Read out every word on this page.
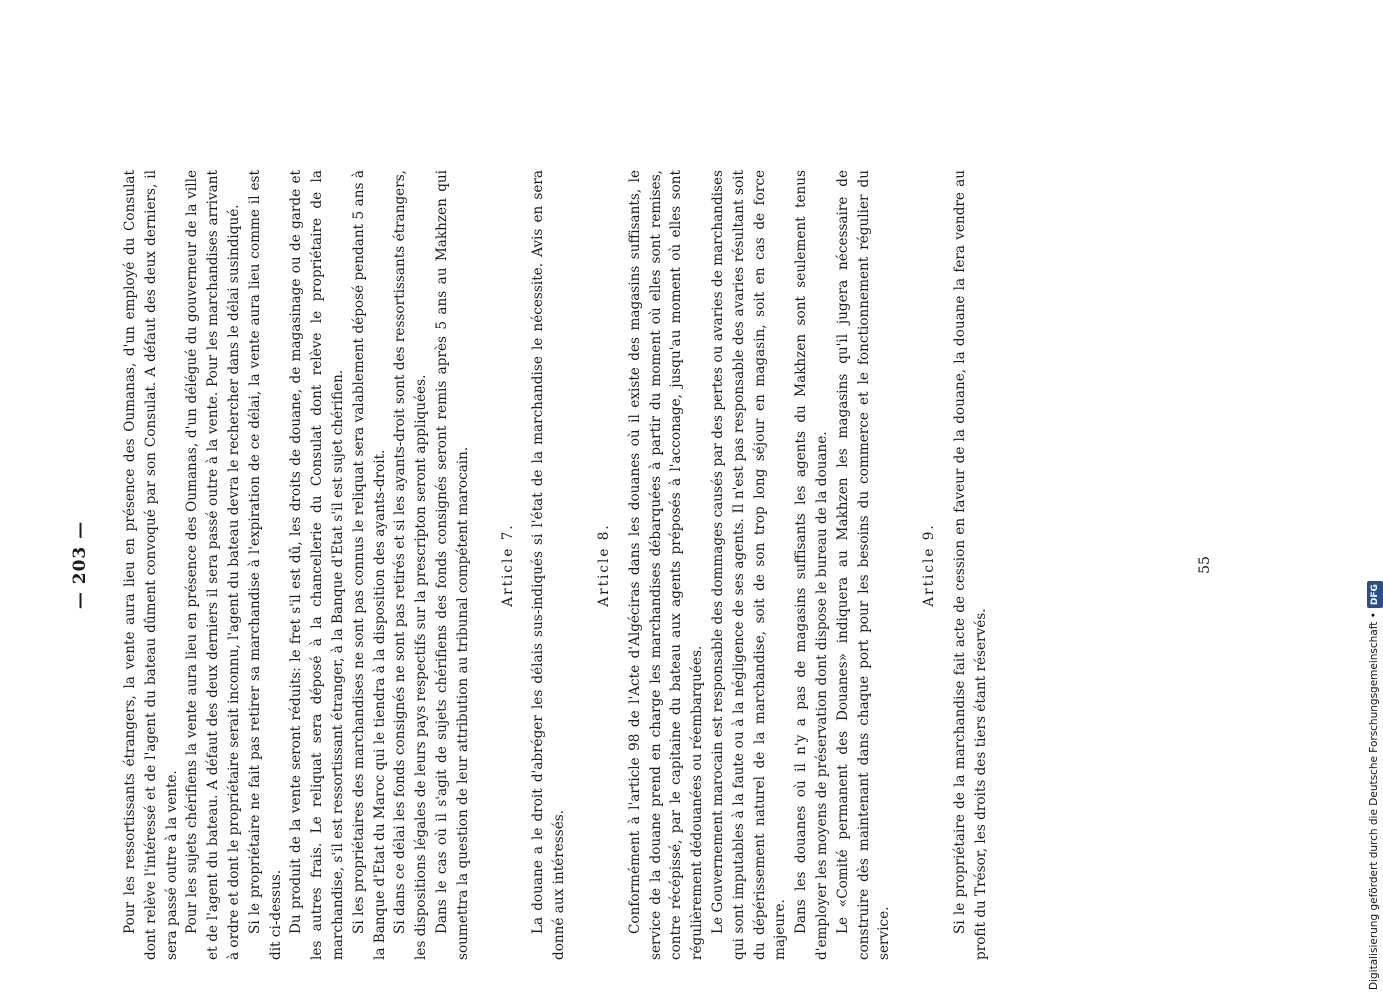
— 203 — Pour les ressortissants étrangers, la vente aura lieu en présence des Oumanas, d'un employé du Consulat dont relève l'intéressé et de l'agent du bateau dûment convoqué par son Consulat. A défaut des deux derniers, il sera passé outre à la vente. Pour les sujets chérifiens la vente aura lieu en présence des Oumanas, d'un délégué du gouverneur de la ville et de l'agent du bateau. A défaut des deux derniers il sera passé outre à la vente. Pour les marchandises arrivant à ordre et dont le propriétaire serait inconnu, l'agent du bateau devra le rechercher dans le délai susindiqué. Si le propriétaire ne fait pas retirer sa marchandise à l'expiration de ce délai, la vente aura lieu comme il est dit ci-dessus. Du produit de la vente seront réduits: le fret s'il est dû, les droits de douane, de magasinage ou de garde et les autres frais. Le reliquat sera déposé à la chancellerie du Consulat dont relève le propriétaire de la marchandise, s'il est ressortissant étranger, à la Banque d'Etat s'il est sujet chérifien. Si les propriétaires des marchandises ne sont pas connus le reliquat sera valablement déposé pendant 5 ans à la Banque d'Etat du Maroc qui le tiendra à la disposition des ayants-droit. Si dans ce délai les fonds consignés ne sont pas retirés et si les ayants-droit sont des ressortissants étrangers, les dispositions légales de leurs pays respectifs sur la prescripton seront appliquées. Dans le cas où il s'agit de sujets chérifiens des fonds consignés seront remis après 5 ans au Makhzen qui soumettra la question de leur attribution au tribunal compétent marocain. Article 7. La douane a le droit d'abréger les délais sus-indiqués si l'état de la marchandise le nécessite. Avis en sera donné aux intéressés.

Article 8. Conformément à l'article 98 de l'Acte d'Algéciras dans les douanes où il existe des magasins suffisants, le service de la douane prend en charge les marchandises débarquées à partir du moment où elles sont remises, contre récépissé, par le capitaine du bateau aux agents préposés à l'acconage, jusqu'au moment où elles sont régulièrement dédouanées ou réembarquées. Le Gouvernement marocain est responsable des dommages causés par des pertes ou avaries de marchandises qui sont imputables à la faute ou à la négligence de ses agents. Il n'est pas responsable des avaries résultant soit du dépérissement naturel de la marchandise, soit de son trop long séjour en magasin, soit en cas de force majeure. Dans les douanes où il n'y a pas de magasins suffisants les agents du Makhzen sont seulement tenus d'employer les moyens de préservation dont dispose le bureau de la douane. Le «Comité permanent des Douanes» indiquera au Makhzen les magasins qu'il jugera nécessaire de construire dès maintenant dans chaque port pour les besoins du commerce et le fonctionnement régulier du service.

Article 9. Si le propriétaire de la marchandise fait acte de cession en faveur de la douane, la douane la fera vendre au profit du Trésor, les droits des tiers étant réservés.

55
Digitalisierung gefördert durch die Deutsche Forschungsgemeinschaft •DFG
